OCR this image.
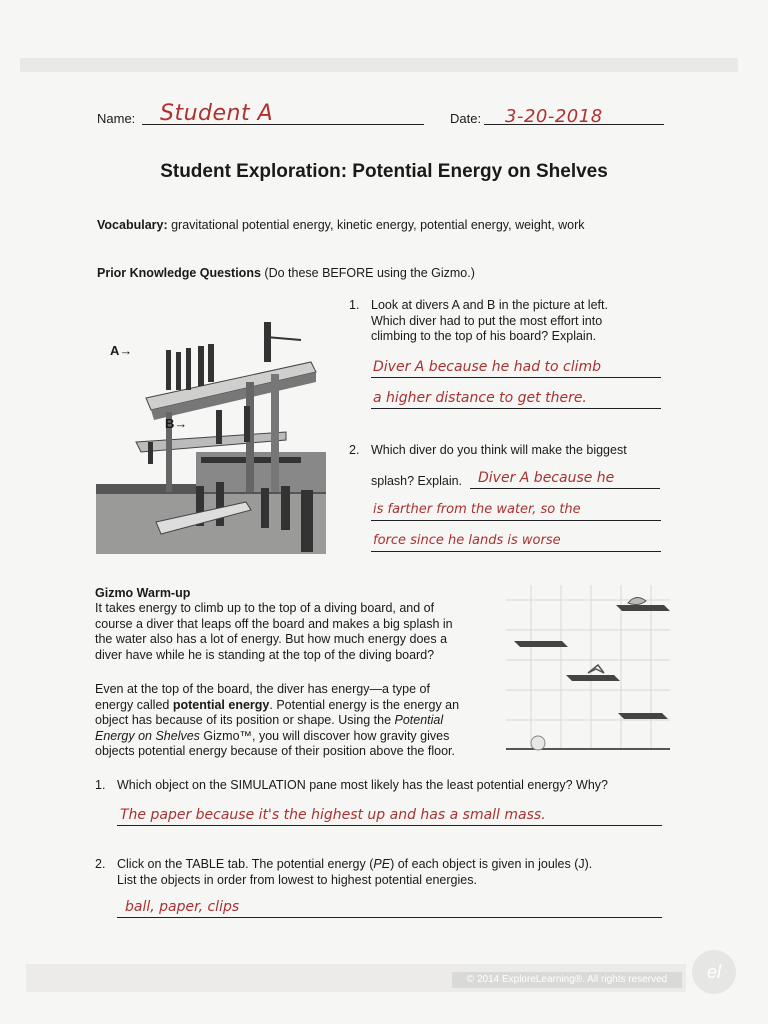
Name: Student A	Date: 3-20-2018
Student Exploration: Potential Energy on Shelves
Vocabulary: gravitational potential energy, kinetic energy, potential energy, weight, work
Prior Knowledge Questions (Do these BEFORE using the Gizmo.)
A→
B→
1. Look at divers A and B in the picture at left.
Which diver had to put the most effort into
climbing to the top of his board? Explain.
Diver A because he had to climb
a higher distance to get there.
2. Which diver do you think will make the biggest
splash? Explain. Diver A because he
is farther from the water, so the
force since he lands is worse
Gizmo Warm-up
It takes energy to climb up to the top of a diving board, and of
course a diver that leaps off the board and makes a big splash in
the water also has a lot of energy. But how much energy does a
diver have while he is standing at the top of the diving board?
Even at the top of the board, the diver has energy—a type of
energy called potential energy. Potential energy is the energy an
object has because of its position or shape. Using the Potential
Energy on Shelves Gizmo™, you will discover how gravity gives
objects potential energy because of their position above the floor.
1. Which object on the SIMULATION pane most likely has the least potential energy? Why?
The paper because it's the highest up and has a small mass.
2. Click on the TABLE tab. The potential energy (PE) of each object is given in joules (J).
List the objects in order from lowest to highest potential energies.
ball, paper, clips
© 2014 ExploreLearning®. All rights reserved	el
